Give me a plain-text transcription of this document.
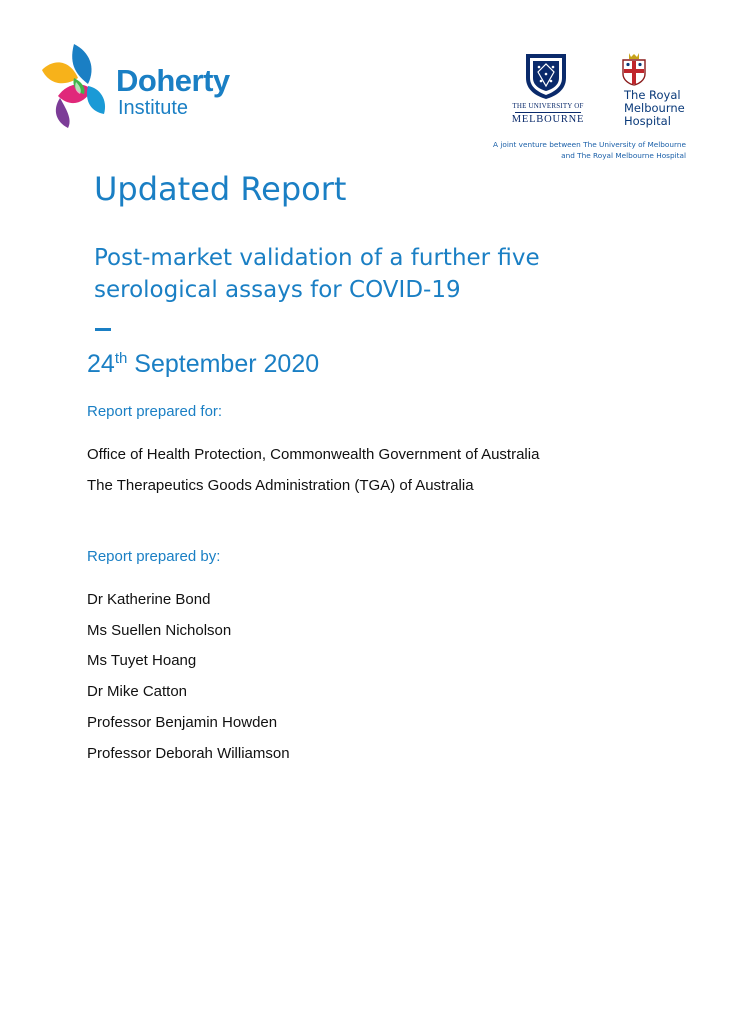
Doherty
Institute	THE UNIVERSITY OF
MELBOURNE
The Royal
Melbourne
Hospital
A joint venture between The University of Melbourne
and The Royal Melbourne Hospital
Updated Report
Post-market validation of a further five
serological assays for COVID-19
24th September 2020
Report prepared for:
Office of Health Protection, Commonwealth Government of Australia
The Therapeutics Goods Administration (TGA) of Australia
Report prepared by:
Dr Katherine Bond
Ms Suellen Nicholson
Ms Tuyet Hoang
Dr Mike Catton
Professor Benjamin Howden
Professor Deborah Williamson
